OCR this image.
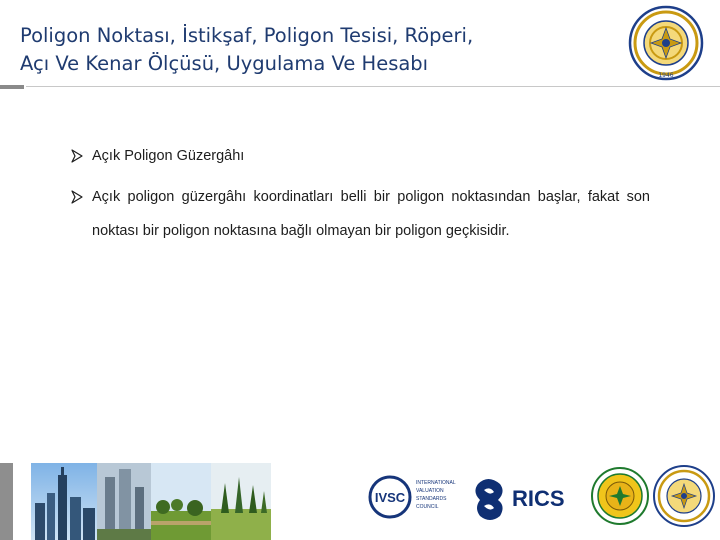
Poligon Noktası, İstikşaf, Poligon Tesisi, Röperi,
Açı Ve Kenar Ölçüsü, Uygulama Ve Hesabı
1946
Açık Poligon Güzergâhı
Açık poligon güzergâhı koordinatları belli bir poligon noktasından başlar, fakat son noktası bir poligon noktasına bağlı olmayan bir poligon geçkisidir.
IVSC
INTERNATIONAL
VALUATION
STANDARDS
COUNCIL	RICS
